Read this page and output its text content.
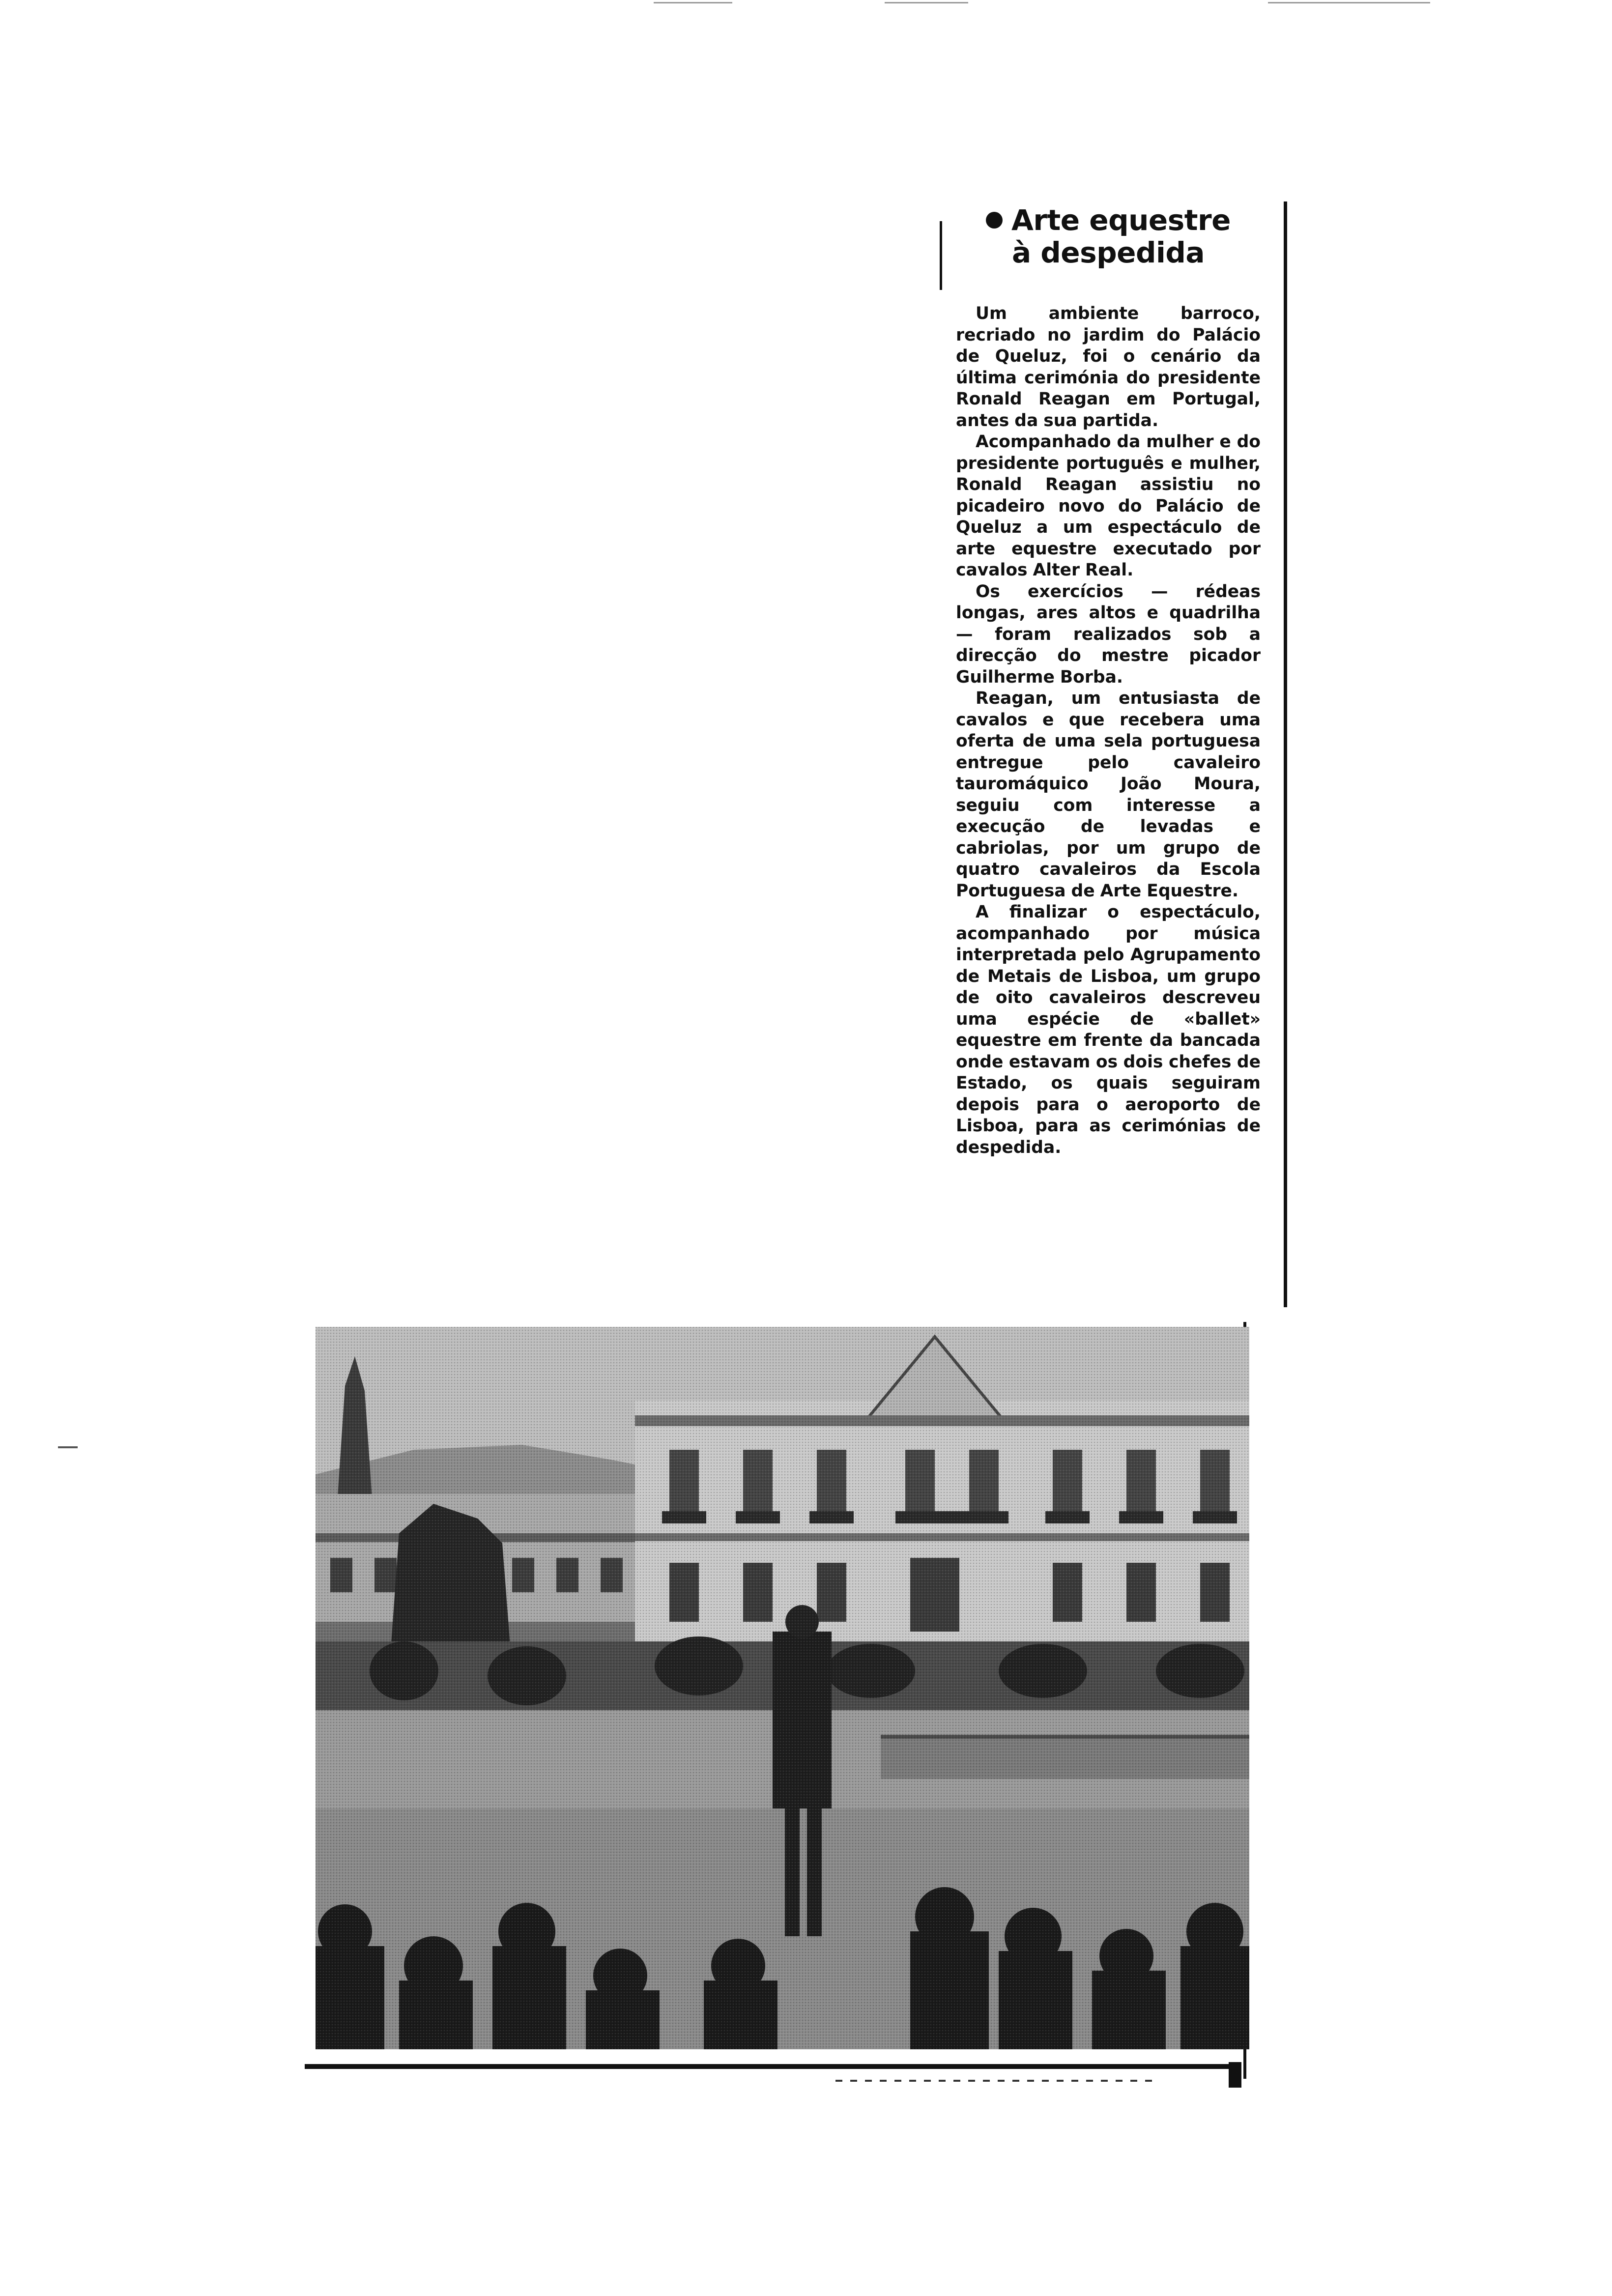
Arte equestre
à despedida

Um ambiente barroco, recriado no jardim do Palácio de Queluz, foi o cenário da última cerimónia do presidente Ronald Reagan em Portugal, antes da sua partida.

Acompanhado da mulher e do presidente português e mulher, Ronald Reagan assistiu no picadeiro novo do Palácio de Queluz a um espectáculo de arte equestre executado por cavalos Alter Real.

Os exercícios — rédeas longas, ares altos e quadrilha — foram realizados sob a direcção do mestre picador Guilherme Borba.

Reagan, um entusiasta de cavalos e que recebera uma oferta de uma sela portuguesa entregue pelo cavaleiro tauromáquico João Moura, seguiu com interesse a execução de levadas e cabriolas, por um grupo de quatro cavaleiros da Escola Portuguesa de Arte Equestre.

A finalizar o espectáculo, acompanhado por música interpretada pelo Agrupamento de Metais de Lisboa, um grupo de oito cavaleiros descreveu uma espécie de «ballet» equestre em frente da bancada onde estavam os dois chefes de Estado, os quais seguiram depois para o aeroporto de Lisboa, para as cerimónias de despedida.
